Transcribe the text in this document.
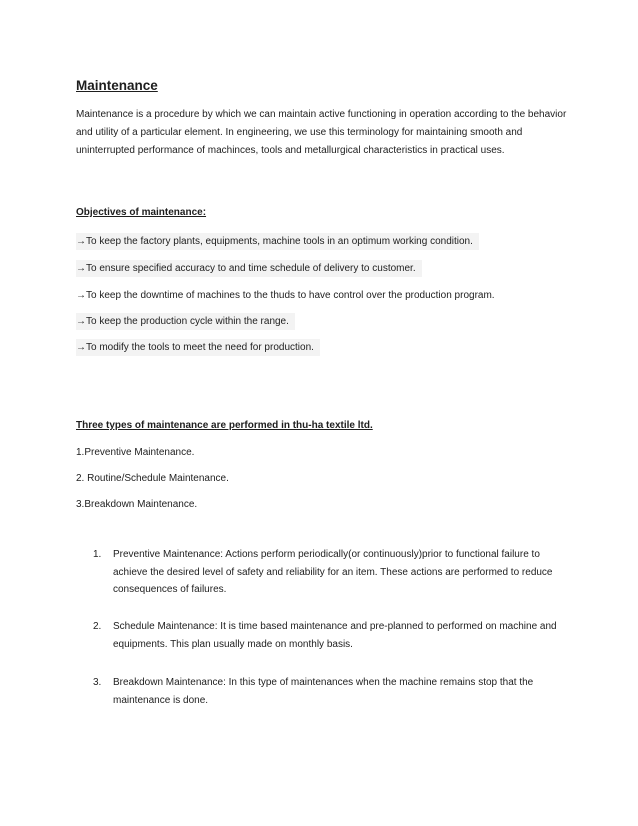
Maintenance

Maintenance is a procedure by which we can maintain active functioning in operation according to the behavior and utility of a particular element. In engineering, we use this terminology for maintaining smooth and uninterrupted performance of machinces, tools and metallurgical characteristics in practical uses.

Objectives of maintenance:
→To keep the factory plants, equipments, machine tools in an optimum working condition.
→To ensure specified accuracy to and time schedule of delivery to customer.
→To keep the downtime of machines to the thuds to have control over the production program.
→To keep the production cycle within the range.
→To modify the tools to meet the need for production.
Three types of maintenance are performed in thu-ha textile ltd.

1.Preventive Maintenance.

2. Routine/Schedule Maintenance.

3.Breakdown Maintenance.

1.	Preventive Maintenance: Actions perform periodically(or continuously)prior to functional failure to achieve the desired level of safety and reliability for an item. These actions are performed to reduce consequences of failures.
2.	Schedule Maintenance: It is time based maintenance and pre-planned to performed on machine and equipments. This plan usually made on monthly basis.
3.	Breakdown Maintenance: In this type of maintenances when the machine remains stop that the maintenance is done.
